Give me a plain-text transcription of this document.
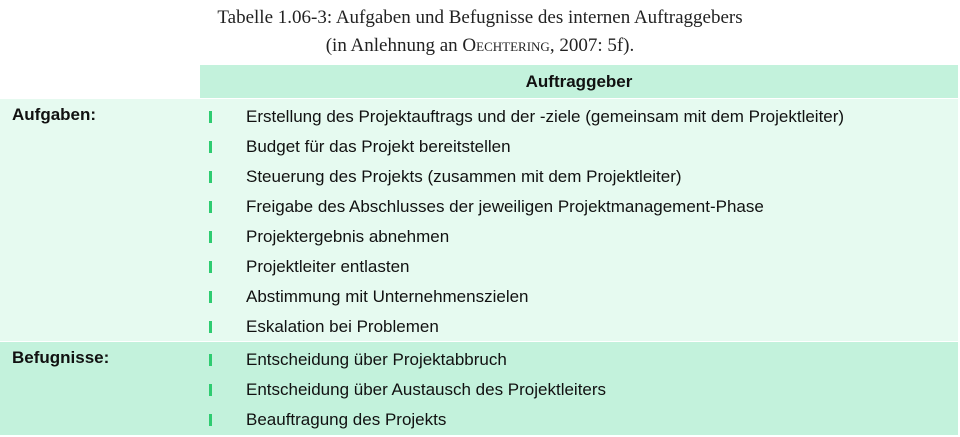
Tabelle 1.06-3: Aufgaben und Befugnisse des internen Auftraggebers
(in Anlehnung an Oechtering, 2007: 5f).
Auftraggeber
Aufgaben:	Erstellung des Projektauftrags und der -ziele (gemeinsam mit dem Projektleiter)
Budget für das Projekt bereitstellen
Steuerung des Projekts (zusammen mit dem Projektleiter)
Freigabe des Abschlusses der jeweiligen Projektmanagement-Phase
Projektergebnis abnehmen
Projektleiter entlasten
Abstimmung mit Unternehmenszielen
Eskalation bei Problemen
Befugnisse:	Entscheidung über Projektabbruch
Entscheidung über Austausch des Projektleiters
Beauftragung des Projekts
